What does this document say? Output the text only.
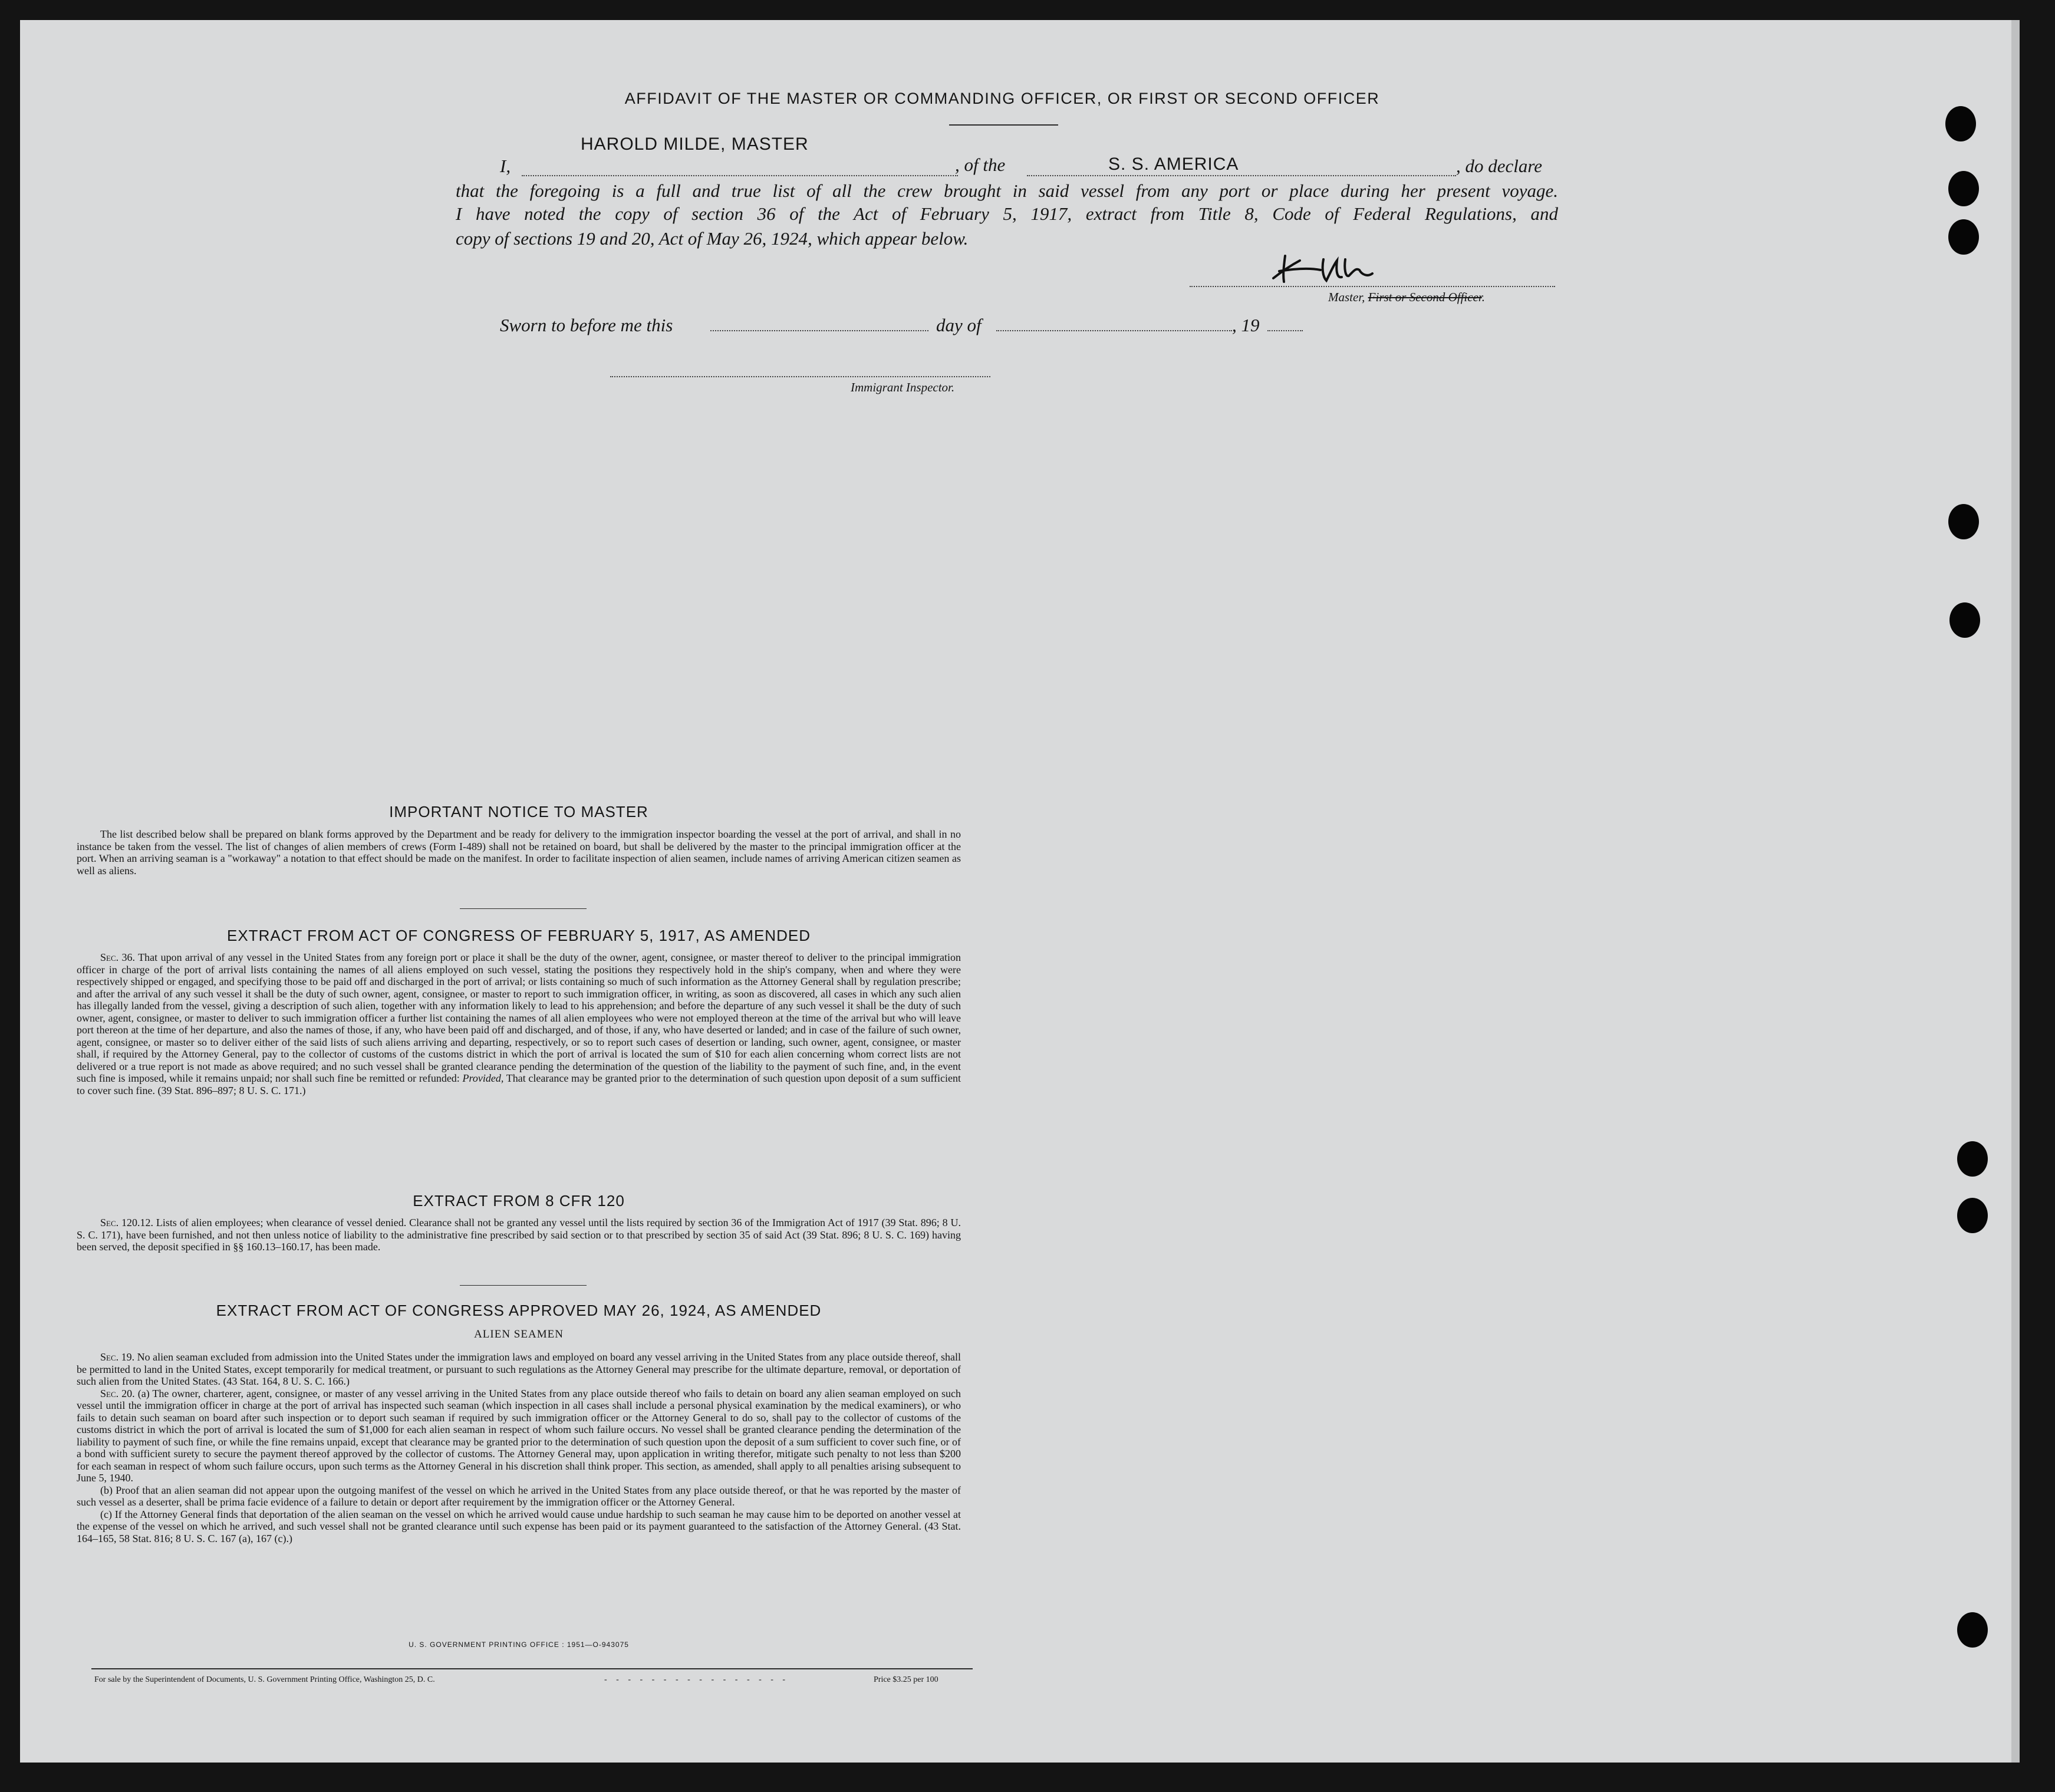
AFFIDAVIT OF THE MASTER OR COMMANDING OFFICER, OR FIRST OR SECOND OFFICER
HAROLD MILDE, MASTER
I,	, of the	S. S. AMERICA	, do declare
that the foregoing is a full and true list of all the crew brought in said vessel from any port or place during her present voyage.
I have noted the copy of section 36 of the Act of February 5, 1917, extract from Title 8, Code of Federal Regulations, and
copy of sections 19 and 20, Act of May 26, 1924, which appear below.
Master, First or Second Officer.
Sworn to before me this	day of	, 19
Immigrant Inspector.
IMPORTANT NOTICE TO MASTER

The list described below shall be prepared on blank forms approved by the Department and be ready for delivery to the immigration inspector boarding the vessel at the port of arrival, and shall in no instance be taken from the vessel. The list of changes of alien members of crews (Form I-489) shall not be retained on board, but shall be delivered by the master to the principal immigration officer at the port. When an arriving seaman is a "workaway" a notation to that effect should be made on the manifest. In order to facilitate inspection of alien seamen, include names of arriving American citizen seamen as well as aliens.

EXTRACT FROM ACT OF CONGRESS OF FEBRUARY 5, 1917, AS AMENDED

Sec. 36. That upon arrival of any vessel in the United States from any foreign port or place it shall be the duty of the owner, agent, consignee, or master thereof to deliver to the principal immigration officer in charge of the port of arrival lists containing the names of all aliens employed on such vessel, stating the positions they respectively hold in the ship's company, when and where they were respectively shipped or engaged, and specifying those to be paid off and discharged in the port of arrival; or lists containing so much of such information as the Attorney General shall by regulation prescribe; and after the arrival of any such vessel it shall be the duty of such owner, agent, consignee, or master to report to such immigration officer, in writing, as soon as discovered, all cases in which any such alien has illegally landed from the vessel, giving a description of such alien, together with any information likely to lead to his apprehension; and before the departure of any such vessel it shall be the duty of such owner, agent, consignee, or master to deliver to such immigration officer a further list containing the names of all alien employees who were not employed thereon at the time of the arrival but who will leave port thereon at the time of her departure, and also the names of those, if any, who have been paid off and discharged, and of those, if any, who have deserted or landed; and in case of the failure of such owner, agent, consignee, or master so to deliver either of the said lists of such aliens arriving and departing, respectively, or so to report such cases of desertion or landing, such owner, agent, consignee, or master shall, if required by the Attorney General, pay to the collector of customs of the customs district in which the port of arrival is located the sum of $10 for each alien concerning whom correct lists are not delivered or a true report is not made as above required; and no such vessel shall be granted clearance pending the determination of the question of the liability to the payment of such fine, and, in the event such fine is imposed, while it remains unpaid; nor shall such fine be remitted or refunded: Provided, That clearance may be granted prior to the determination of such question upon deposit of a sum sufficient to cover such fine. (39 Stat. 896–897; 8 U. S. C. 171.)

EXTRACT FROM 8 CFR 120

Sec. 120.12. Lists of alien employees; when clearance of vessel denied. Clearance shall not be granted any vessel until the lists required by section 36 of the Immigration Act of 1917 (39 Stat. 896; 8 U. S. C. 171), have been furnished, and not then unless notice of liability to the administrative fine prescribed by said section or to that prescribed by section 35 of said Act (39 Stat. 896; 8 U. S. C. 169) having been served, the deposit specified in §§ 160.13–160.17, has been made.

EXTRACT FROM ACT OF CONGRESS APPROVED MAY 26, 1924, AS AMENDED
ALIEN SEAMEN

Sec. 19. No alien seaman excluded from admission into the United States under the immigration laws and employed on board any vessel arriving in the United States from any place outside thereof, shall be permitted to land in the United States, except temporarily for medical treatment, or pursuant to such regulations as the Attorney General may prescribe for the ultimate departure, removal, or deportation of such alien from the United States. (43 Stat. 164, 8 U. S. C. 166.)

Sec. 20. (a) The owner, charterer, agent, consignee, or master of any vessel arriving in the United States from any place outside thereof who fails to detain on board any alien seaman employed on such vessel until the immigration officer in charge at the port of arrival has inspected such seaman (which inspection in all cases shall include a personal physical examination by the medical examiners), or who fails to detain such seaman on board after such inspection or to deport such seaman if required by such immigration officer or the Attorney General to do so, shall pay to the collector of customs of the customs district in which the port of arrival is located the sum of $1,000 for each alien seaman in respect of whom such failure occurs. No vessel shall be granted clearance pending the determination of the liability to payment of such fine, or while the fine remains unpaid, except that clearance may be granted prior to the determination of such question upon the deposit of a sum sufficient to cover such fine, or of a bond with sufficient surety to secure the payment thereof approved by the collector of customs. The Attorney General may, upon application in writing therefor, mitigate such penalty to not less than $200 for each seaman in respect of whom such failure occurs, upon such terms as the Attorney General in his discretion shall think proper. This section, as amended, shall apply to all penalties arising subsequent to June 5, 1940.

(b) Proof that an alien seaman did not appear upon the outgoing manifest of the vessel on which he arrived in the United States from any place outside thereof, or that he was reported by the master of such vessel as a deserter, shall be prima facie evidence of a failure to detain or deport after requirement by the immigration officer or the Attorney General.

(c) If the Attorney General finds that deportation of the alien seaman on the vessel on which he arrived would cause undue hardship to such seaman he may cause him to be deported on another vessel at the expense of the vessel on which he arrived, and such vessel shall not be granted clearance until such expense has been paid or its payment guaranteed to the satisfaction of the Attorney General. (43 Stat. 164–165, 58 Stat. 816; 8 U. S. C. 167 (a), 167 (c).)

U. S. GOVERNMENT PRINTING OFFICE : 1951—O-943075
For sale by the Superintendent of Documents, U. S. Government Printing Office, Washington 25, D. C.	- - - - - - - - - - - - - - - -	Price $3.25 per 100
